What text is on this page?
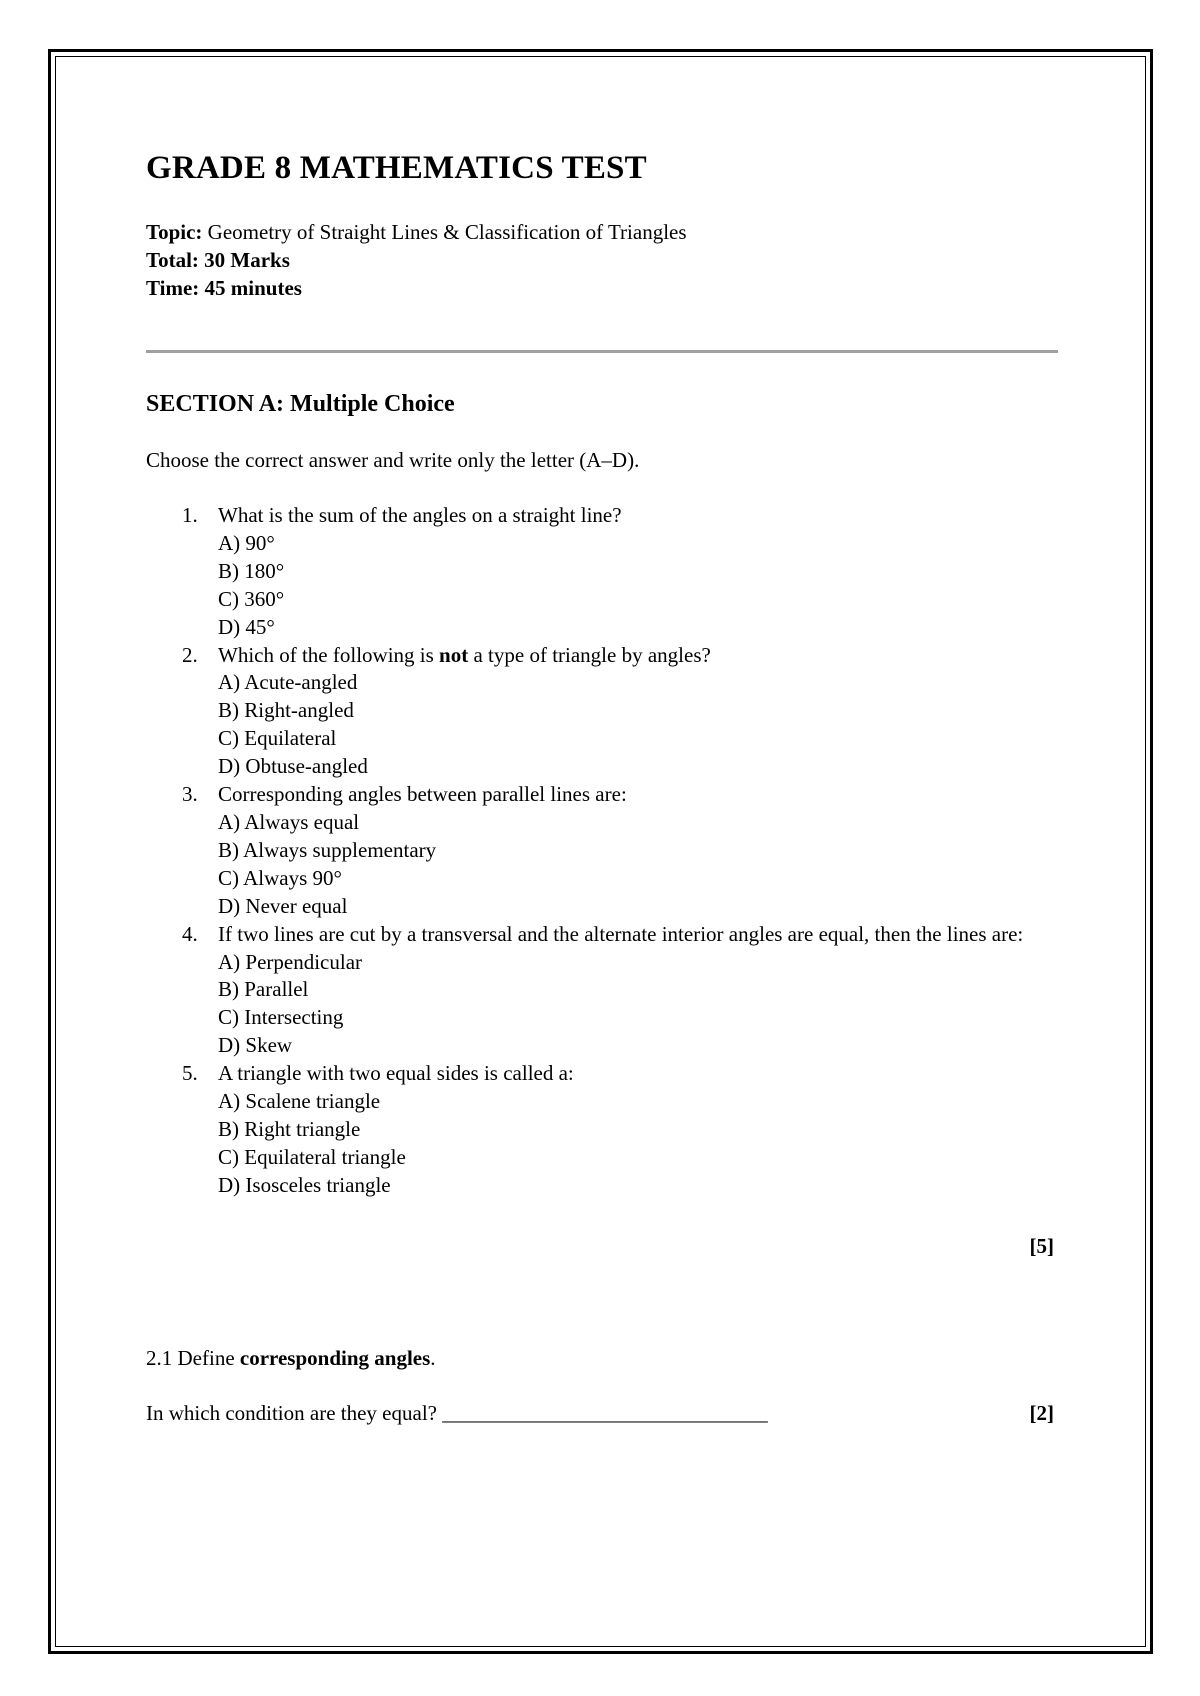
GRADE 8 MATHEMATICS TEST
Topic: Geometry of Straight Lines & Classification of Triangles
Total: 30 Marks
Time: 45 minutes
SECTION A: Multiple Choice
Choose the correct answer and write only the letter (A–D).
1. What is the sum of the angles on a straight line?
A) 90°
B) 180°
C) 360°
D) 45°
2. Which of the following is not a type of triangle by angles?
A) Acute-angled
B) Right-angled
C) Equilateral
D) Obtuse-angled
3. Corresponding angles between parallel lines are:
A) Always equal
B) Always supplementary
C) Always 90°
D) Never equal
4. If two lines are cut by a transversal and the alternate interior angles are equal, then the lines are:
A) Perpendicular
B) Parallel
C) Intersecting
D) Skew
5. A triangle with two equal sides is called a:
A) Scalene triangle
B) Right triangle
C) Equilateral triangle
D) Isosceles triangle
[5]
2.1 Define corresponding angles.
In which condition are they equal? _______________________________	[2]
